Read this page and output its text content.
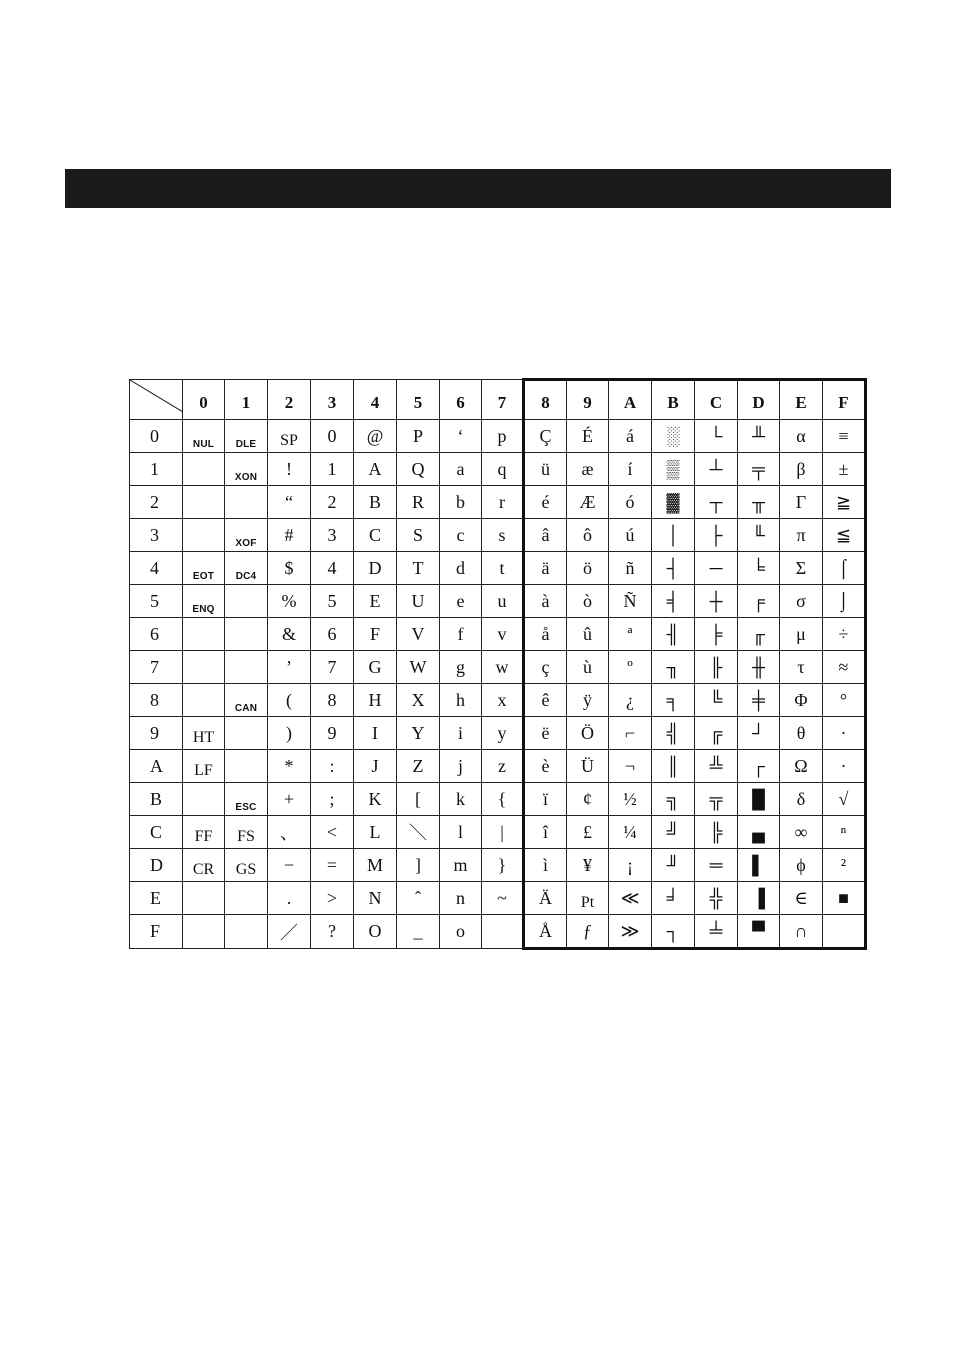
	0	1	2	3	4	5	6	7	8	9	A	B	C	D	E	F
0	$_{NUL}$	$_{DLE}$	SP	0	@	P	‘	p	Ç	É	á	░	└	╨	α	≡
1		$_{XON}$	!	1	A	Q	a	q	ü	æ	í	▒	┴	╤	β	±
2			“	2	B	R	b	r	é	Æ	ó	▓	┬	╥	Γ	≧
3		$_{XOF}$	#	3	C	S	c	s	â	ô	ú	│	├	╙	π	≦
4	$_{EOT}$	$_{DC4}$	$	4	D	T	d	t	ä	ö	ñ	┤	─	╘	Σ	⌠
5	$_{ENQ}$		%	5	E	U	e	u	à	ò	Ñ	╡	┼	╒	σ	⌡
6			&	6	F	V	f	v	å	û	ª	╢	╞	╓	μ	÷
7			’	7	G	W	g	w	ç	ù	º	╖	╟	╫	τ	≈
8		$_{CAN}$	(	8	H	X	h	x	ê	ÿ	¿	╕	╚	╪	Φ	°
9	HT		)	9	I	Y	i	y	ë	Ö	⌐	╣	╔	┘	θ	·
A	LF		*	:	J	Z	j	z	è	Ü	¬	║	╩	┌	Ω	·
B		$_{ESC}$	+	;	K	[	k	{	ï	¢	½	╗	╦	█	δ	√
C	FF	FS	、	<	L	＼	l	|	î	£	¼	╝	╠	▄	∞	ⁿ
D	CR	GS	−	=	M	]	m	}	ì	¥	¡	╜	═	▌	ϕ	²
E			.	>	N	ˆ	n	~	Ä	Pt	≪	╛	╬	▐	∈	■
F			／	?	O	_	o		Å	ƒ	≫	┐	╧	▀	∩	
